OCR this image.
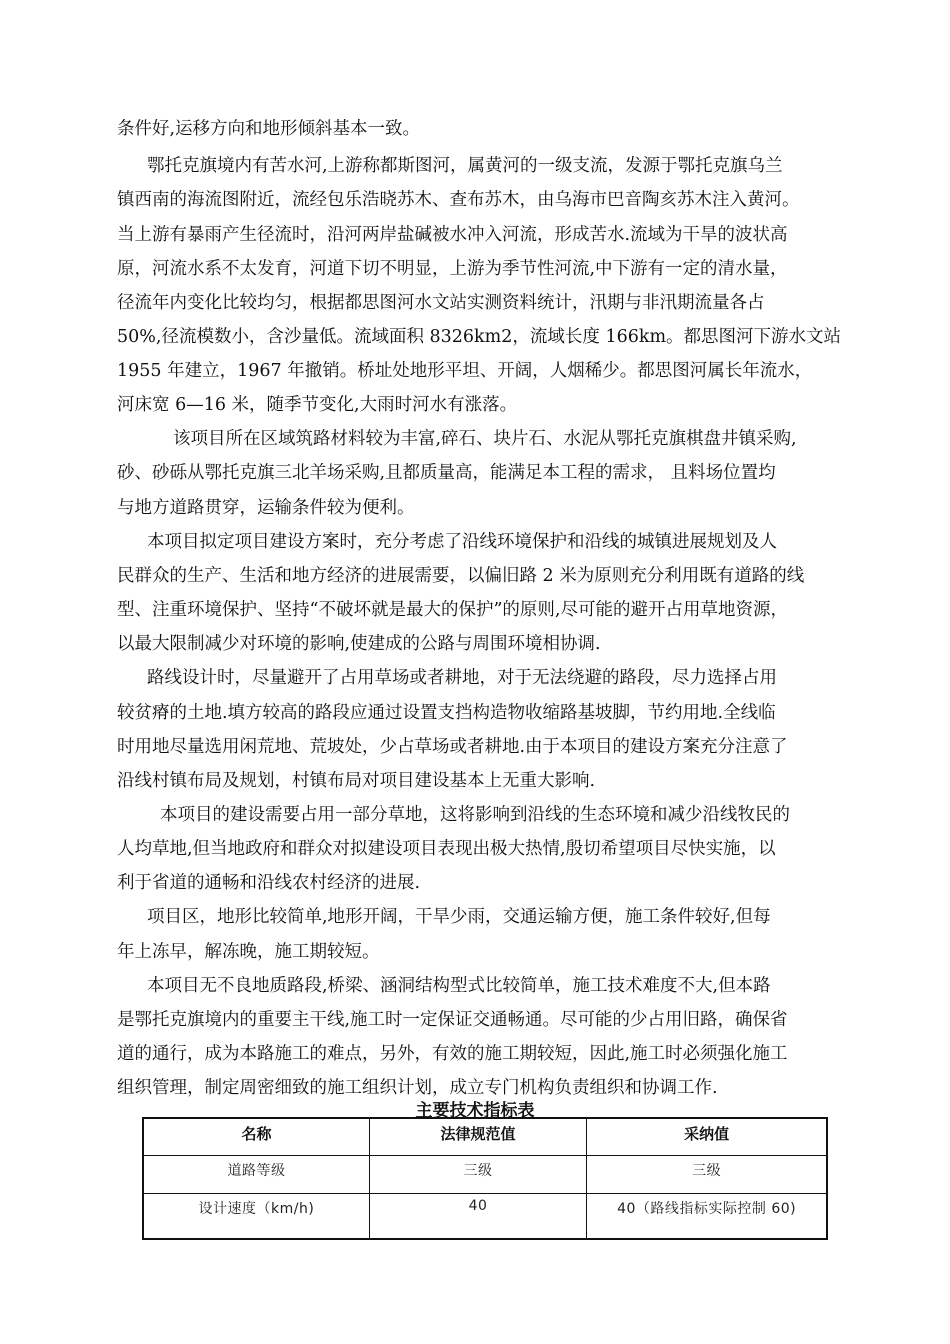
条件好,运移方向和地形倾斜基本一致。
鄂托克旗境内有苦水河,上游称都斯图河，属黄河的一级支流，发源于鄂托克旗乌兰
镇西南的海流图附近，流经包乐浩晓苏木、查布苏木，由乌海市巴音陶亥苏木注入黄河。
当上游有暴雨产生径流时，沿河两岸盐碱被水冲入河流，形成苦水.流域为干旱的波状高
原，河流水系不太发育，河道下切不明显，上游为季节性河流,中下游有一定的清水量，
径流年内变化比较均匀，根据都思图河水文站实测资料统计，汛期与非汛期流量各占
50%,径流模数小，含沙量低。流域面积 8326km2，流域长度 166km。都思图河下游水文站
1955 年建立，1967 年撤销。桥址处地形平坦、开阔，人烟稀少。都思图河属长年流水，
河床宽 6—16 米，随季节变化,大雨时河水有涨落。
该项目所在区域筑路材料较为丰富,碎石、块片石、水泥从鄂托克旗棋盘井镇采购,
砂、砂砾从鄂托克旗三北羊场采购,且都质量高，能满足本工程的需求， 且料场位置均
与地方道路贯穿，运输条件较为便利。
本项目拟定项目建设方案时，充分考虑了沿线环境保护和沿线的城镇进展规划及人
民群众的生产、生活和地方经济的进展需要，以偏旧路 2 米为原则充分利用既有道路的线
型、注重环境保护、坚持“不破坏就是最大的保护”的原则,尽可能的避开占用草地资源，
以最大限制减少对环境的影响,使建成的公路与周围环境相协调.
路线设计时，尽量避开了占用草场或者耕地，对于无法绕避的路段，尽力选择占用
较贫瘠的土地.填方较高的路段应通过设置支挡构造物收缩路基坡脚，节约用地.全线临
时用地尽量选用闲荒地、荒坡处，少占草场或者耕地.由于本项目的建设方案充分注意了
沿线村镇布局及规划，村镇布局对项目建设基本上无重大影响.
本项目的建设需要占用一部分草地，这将影响到沿线的生态环境和减少沿线牧民的
人均草地,但当地政府和群众对拟建设项目表现出极大热情,殷切希望项目尽快实施，以
利于省道的通畅和沿线农村经济的进展.
项目区，地形比较简单,地形开阔，干旱少雨，交通运输方便，施工条件较好,但每
年上冻早，解冻晚，施工期较短。
本项目无不良地质路段,桥梁、涵洞结构型式比较简单，施工技术难度不大,但本路
是鄂托克旗境内的重要主干线,施工时一定保证交通畅通。尽可能的少占用旧路，确保省
道的通行，成为本路施工的难点，另外，有效的施工期较短，因此,施工时必须强化施工
组织管理，制定周密细致的施工组织计划，成立专门机构负责组织和协调工作.
主要技术指标表
名称	法律规范值	采纳值
道路等级	三级	三级
设计速度（km/h)	40	40（路线指标实际控制 60)
